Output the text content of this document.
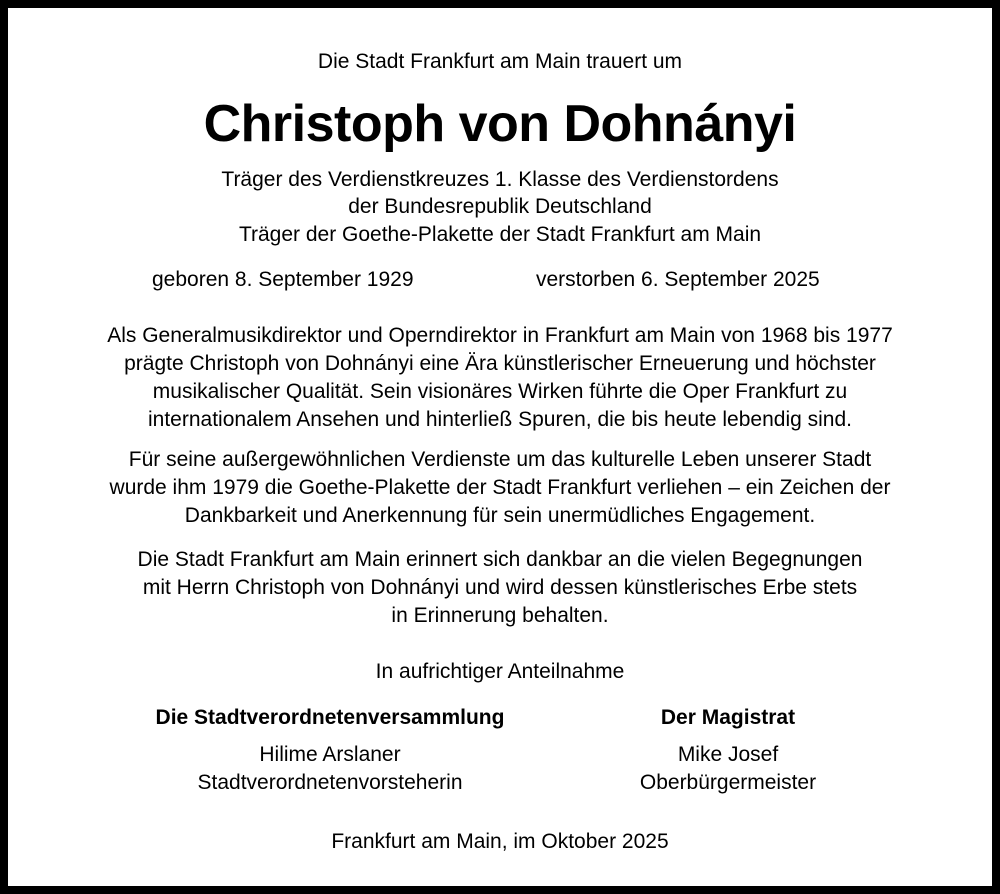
Die Stadt Frankfurt am Main trauert um
Christoph von Dohnányi
Träger des Verdienstkreuzes 1. Klasse des Verdienstordens
der Bundesrepublik Deutschland
Träger der Goethe-Plakette der Stadt Frankfurt am Main
geboren 8. September 1929	verstorben 6. September 2025
Als Generalmusikdirektor und Operndirektor in Frankfurt am Main von 1968 bis 1977
prägte Christoph von Dohnányi eine Ära künstlerischer Erneuerung und höchster
musikalischer Qualität. Sein visionäres Wirken führte die Oper Frankfurt zu
internationalem Ansehen und hinterließ Spuren, die bis heute lebendig sind.
Für seine außergewöhnlichen Verdienste um das kulturelle Leben unserer Stadt
wurde ihm 1979 die Goethe-Plakette der Stadt Frankfurt verliehen – ein Zeichen der
Dankbarkeit und Anerkennung für sein unermüdliches Engagement.
Die Stadt Frankfurt am Main erinnert sich dankbar an die vielen Begegnungen
mit Herrn Christoph von Dohnányi und wird dessen künstlerisches Erbe stets
in Erinnerung behalten.
In aufrichtiger Anteilnahme
Die Stadtverordnetenversammlung
Hilime Arslaner
Stadtverordnetenvorsteherin
Der Magistrat
Mike Josef
Oberbürgermeister
Frankfurt am Main, im Oktober 2025
